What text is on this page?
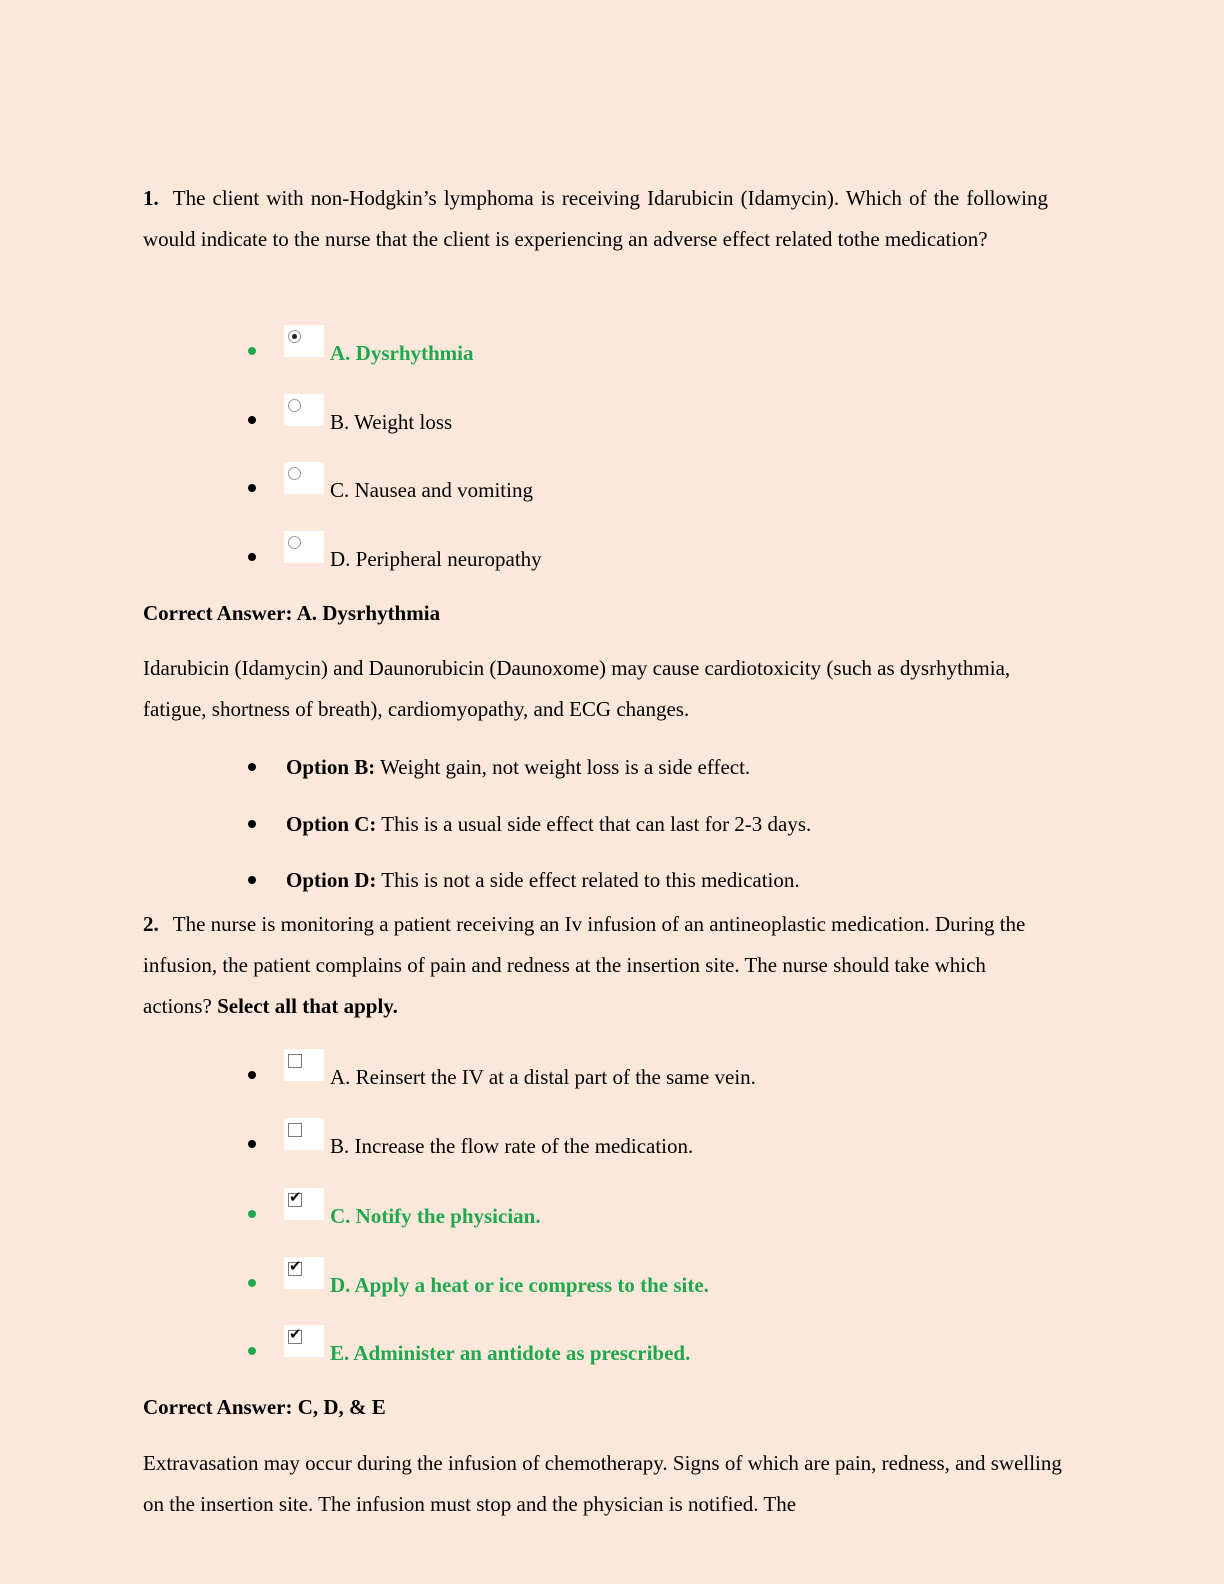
1. The client with non-Hodgkin’s lymphoma is receiving Idarubicin (Idamycin). Which of the following would indicate to the nurse that the client is experiencing an adverse effect related tothe medication?

A. Dysrhythmia
B. Weight loss
C. Nausea and vomiting
D. Peripheral neuropathy

Correct Answer: A. Dysrhythmia

Idarubicin (Idamycin) and Daunorubicin (Daunoxome) may cause cardiotoxicity (such as dysrhythmia, fatigue, shortness of breath), cardiomyopathy, and ECG changes.

Option B: Weight gain, not weight loss is a side effect.
Option C: This is a usual side effect that can last for 2-3 days.
Option D: This is not a side effect related to this medication.

2. The nurse is monitoring a patient receiving an Iv infusion of an antineoplastic medication. During the infusion, the patient complains of pain and redness at the insertion site. The nurse should take which actions? Select all that apply.

A. Reinsert the IV at a distal part of the same vein.
B. Increase the flow rate of the medication.
✔
C. Notify the physician.
✔
D. Apply a heat or ice compress to the site.
✔
E. Administer an antidote as prescribed.

Correct Answer: C, D, & E

Extravasation may occur during the infusion of chemotherapy. Signs of which are pain, redness, and swelling on the insertion site. The infusion must stop and the physician is notified. The
